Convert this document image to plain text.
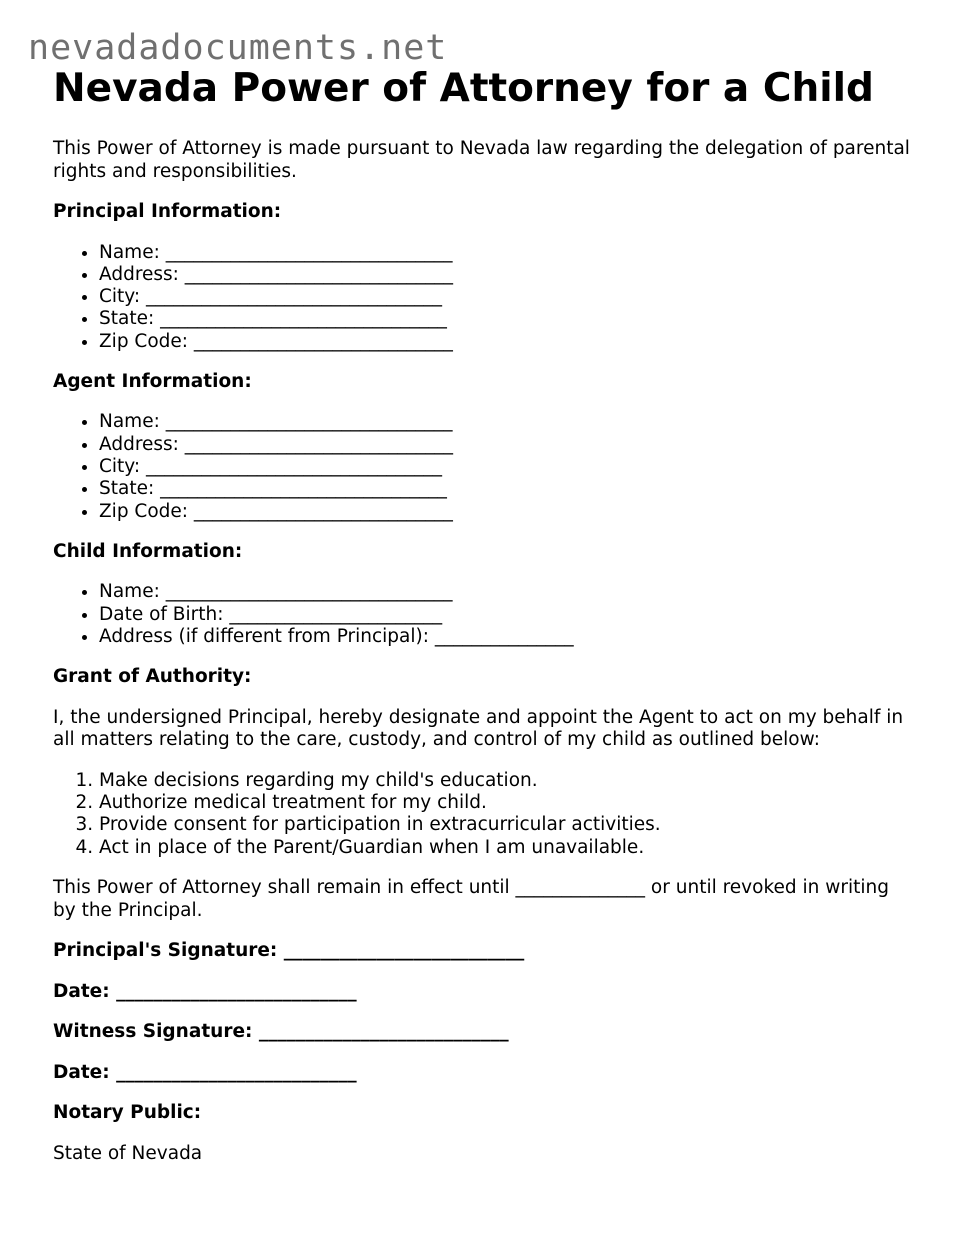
nevadadocuments.net
Nevada Power of Attorney for a Child

This Power of Attorney is made pursuant to Nevada law regarding the delegation of parental rights and responsibilities.

Principal Information:

• Name: _______________________________
• Address: _____________________________
• City: ________________________________
• State: _______________________________
• Zip Code: ____________________________

Agent Information:

• Name: _______________________________
• Address: _____________________________
• City: ________________________________
• State: _______________________________
• Zip Code: ____________________________

Child Information:

• Name: _______________________________
• Date of Birth: _______________________
• Address (if different from Principal): _______________

Grant of Authority:

I, the undersigned Principal, hereby designate and appoint the Agent to act on my behalf in all matters relating to the care, custody, and control of my child as outlined below:

1. Make decisions regarding my child's education.
2. Authorize medical treatment for my child.
3. Provide consent for participation in extracurricular activities.
4. Act in place of the Parent/Guardian when I am unavailable.

This Power of Attorney shall remain in effect until ______________ or until revoked in writing by the Principal.

Principal's Signature: __________________________

Date: __________________________

Witness Signature: ___________________________

Date: __________________________

Notary Public:

State of Nevada
